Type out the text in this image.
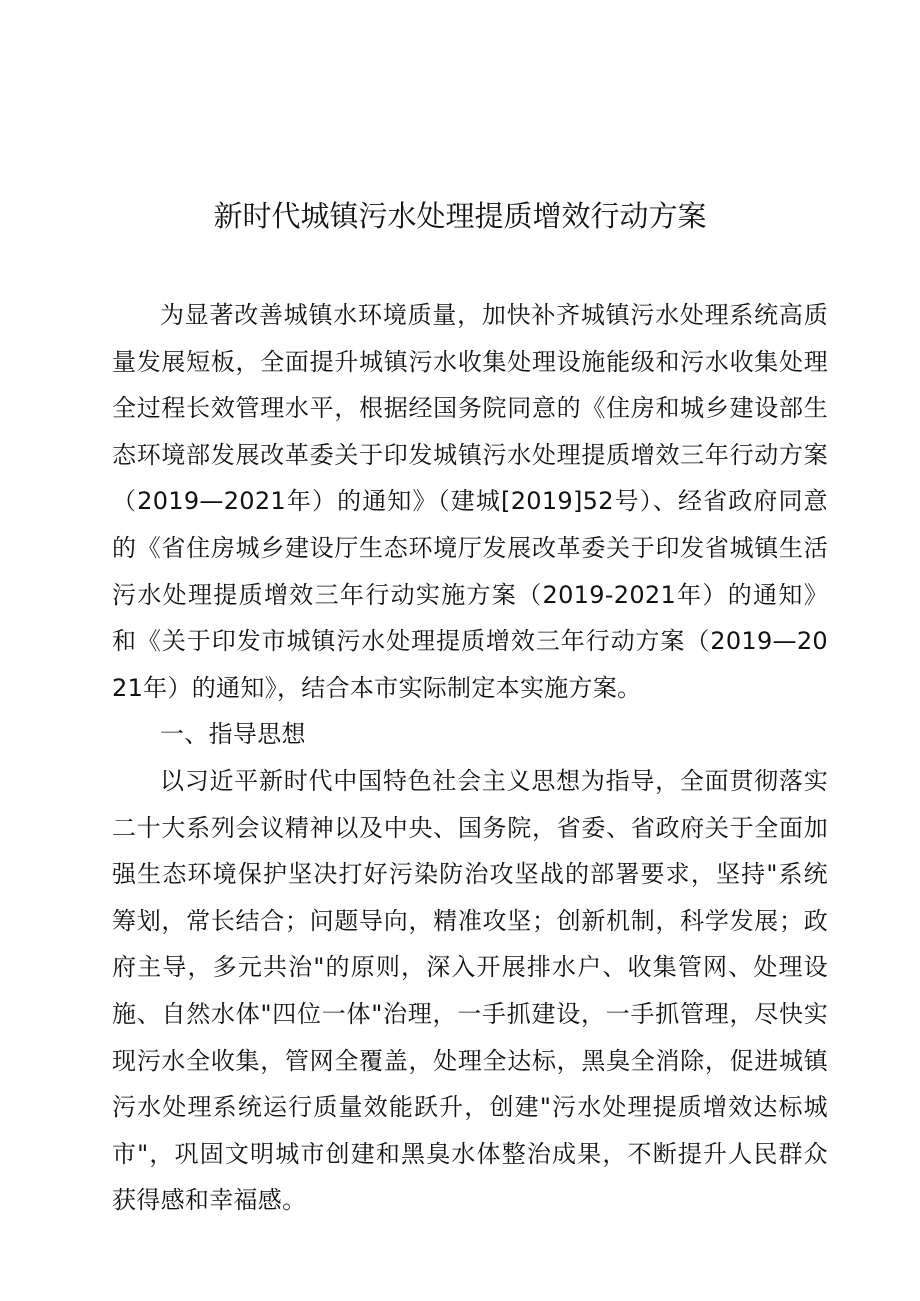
新时代城镇污水处理提质增效行动方案

为显著改善城镇水环境质量，加快补齐城镇污水处理系统高质量发展短板，全面提升城镇污水收集处理设施能级和污水收集处理全过程长效管理水平，根据经国务院同意的《住房和城乡建设部生态环境部发展改革委关于印发城镇污水处理提质增效三年行动方案（2019—2021年）的通知》（建城[2019]52号）、经省政府同意的《省住房城乡建设厅生态环境厅发展改革委关于印发省城镇生活污水处理提质增效三年行动实施方案（2019-2021年）的通知》和《关于印发市城镇污水处理提质增效三年行动方案（2019—2021年）的通知》，结合本市实际制定本实施方案。

一、指导思想

以习近平新时代中国特色社会主义思想为指导，全面贯彻落实二十大系列会议精神以及中央、国务院，省委、省政府关于全面加强生态环境保护坚决打好污染防治攻坚战的部署要求，坚持"系统筹划，常长结合；问题导向，精准攻坚；创新机制，科学发展；政府主导，多元共治"的原则，深入开展排水户、收集管网、处理设施、自然水体"四位一体"治理，一手抓建设，一手抓管理，尽快实现污水全收集，管网全覆盖，处理全达标，黑臭全消除，促进城镇污水处理系统运行质量效能跃升，创建"污水处理提质增效达标城市"，巩固文明城市创建和黑臭水体整治成果，不断提升人民群众获得感和幸福感。
